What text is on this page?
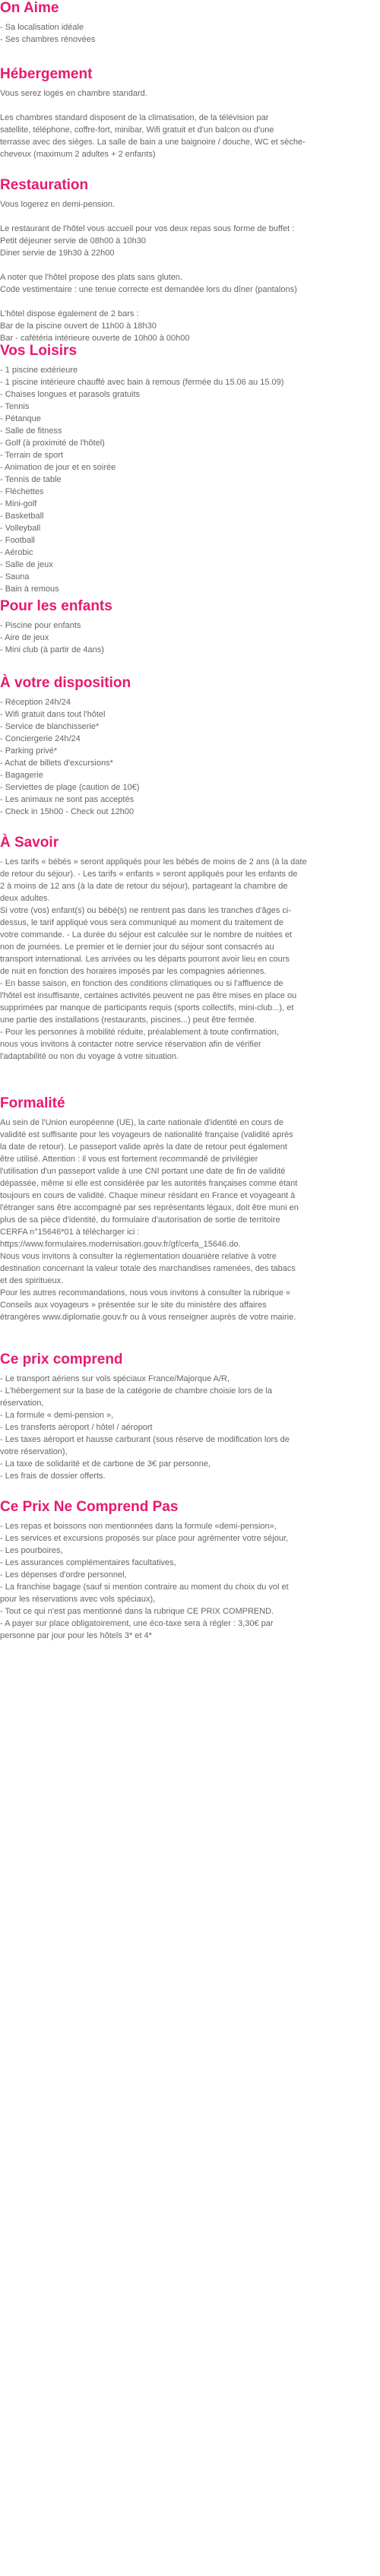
On Aime
- Sa localisation idéale
- Ses chambres rénovées
Hébergement
Vous serez logés en chambre standard.
Les chambres standard disposent de la climatisation, de la télévision par
satellite, téléphone, coffre-fort, minibar, Wifi gratuit et d'un balcon ou d'une
terrasse avec des sièges. La salle de bain a une baignoire / douche, WC et sèche-
cheveux (maximum 2 adultes + 2 enfants)
Restauration
Vous logerez en demi-pension.
Le restaurant de l'hôtel vous accueil pour vos deux repas sous forme de buffet :
Petit déjeuner servie de 08h00 à 10h30
Diner servie de 19h30 à 22h00
A noter que l'hôtel propose des plats sans gluten.
Code vestimentaire : une tenue correcte est demandée lors du dîner (pantalons)
L'hôtel dispose également de 2 bars :
Bar de la piscine ouvert de 11h00 à 18h30
Bar - cafétéria intérieure ouverte de 10h00 à 00h00
Vos Loisirs
- 1 piscine extérieure
- 1 piscine intérieure chauffé avec bain à remous (fermée du 15.06 au 15.09)
- Chaises longues et parasols gratuits
- Tennis
- Pétanque
- Salle de fitness
- Golf (à proximité de l'hôtel)
- Terrain de sport
- Animation de jour et en soirée
- Tennis de table
- Fléchettes
- Mini-golf
- Basketball
- Volleyball
- Football
- Aérobic
- Salle de jeux
- Sauna
- Bain à remous
Pour les enfants
- Piscine pour enfants
- Aire de jeux
- Mini club (à partir de 4ans)
À votre disposition
- Réception 24h/24
- Wifi gratuit dans tout l'hôtel
- Service de blanchisserie*
- Conciergerie 24h/24
- Parking privé*
- Achat de billets d'excursions*
- Bagagerie
- Serviettes de plage (caution de 10€)
- Les animaux ne sont pas acceptés
- Check in 15h00 - Check out 12h00
À Savoir
- Les tarifs « bébés » seront appliqués pour les bébés de moins de 2 ans (à la date
de retour du séjour). - Les tarifs « enfants » seront appliqués pour les enfants de
2 à moins de 12 ans (à la date de retour du séjour), partageant la chambre de
deux adultes.
Si votre (vos) enfant(s) ou bébé(s) ne rentrent pas dans les tranches d'âges ci-
dessus, le tarif appliqué vous sera communiqué au moment du traitement de
votre commande. - La durée du séjour est calculée sur le nombre de nuitées et
non de journées. Le premier et le dernier jour du séjour sont consacrés au
transport international. Les arrivées ou les départs pourront avoir lieu en cours
de nuit en fonction des horaires imposés par les compagnies aériennes.
- En basse saison, en fonction des conditions climatiques ou si l'affluence de
l'hôtel est insuffisante, certaines activités peuvent ne pas être mises en place ou
supprimées par manque de participants requis (sports collectifs, mini-club...), et
une partie des installations (restaurants, piscines...) peut être fermée.
- Pour les personnes à mobilité réduite, préalablement à toute confirmation,
nous vous invitons à contacter notre service réservation afin de vérifier
l'adaptabilité ou non du voyage à votre situation.
Formalité
Au sein de l'Union européenne (UE), la carte nationale d'identité en cours de
validité est suffisante pour les voyageurs de nationalité française (validité après
la date de retour). Le passeport valide après la date de retour peut également
être utilisé. Attention : il vous est fortement recommandé de privilégier
l'utilisation d'un passeport valide à une CNI portant une date de fin de validité
dépassée, même si elle est considérée par les autorités françaises comme étant
toujours en cours de validité. Chaque mineur résidant en France et voyageant à
l'étranger sans être accompagné par ses représentants légaux, doit être muni en
plus de sa pièce d'identité, du formulaire d'autorisation de sortie de territoire
CERFA n°15646*01 à télécharger ici :
https://www.formulaires.modernisation.gouv.fr/gf/cerfa_15646.do.
Nous vous invitons à consulter la réglementation douanière relative à votre
destination concernant la valeur totale des marchandises ramenées, des tabacs
et des spiritueux.
Pour les autres recommandations, nous vous invitons à consulter la rubrique «
Conseils aux voyageurs » présentée sur le site du ministère des affaires
étrangères www.diplomatie.gouv.fr ou à vous renseigner auprès de votre mairie.
Ce prix comprend
- Le transport aériens sur vols spéciaux France/Majorque A/R,
- L'hébergement sur la base de la catégorie de chambre choisie lors de la
réservation,
- La formule « demi-pension »,
- Les transferts aéroport / hôtel / aéroport
- Les taxes aéroport et hausse carburant (sous réserve de modification lors de
votre réservation),
- La taxe de solidarité et de carbone de 3€ par personne,
- Les frais de dossier offerts.
Ce Prix Ne Comprend Pas
- Les repas et boissons non mentionnées dans la formule «demi-pension»,
- Les services et excursions proposés sur place pour agrémenter votre séjour,
- Les pourboires,
- Les assurances complémentaires facultatives,
- Les dépenses d'ordre personnel,
- La franchise bagage (sauf si mention contraire au moment du choix du vol et
pour les réservations avec vols spéciaux),
- Tout ce qui n'est pas mentionné dans la rubrique CE PRIX COMPREND.
- A payer sur place obligatoirement, une éco-taxe sera à régler : 3,30€ par
personne par jour pour les hôtels 3* et 4*
